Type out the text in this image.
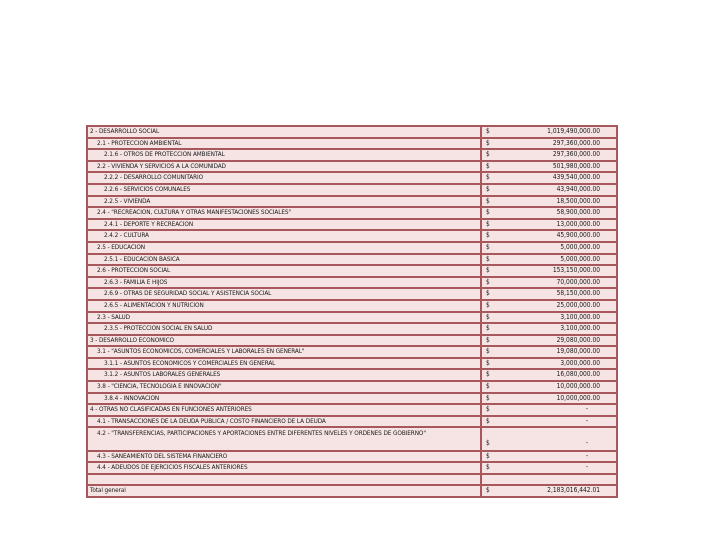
2 - DESARROLLO SOCIAL	$	1,019,490,000.00
2.1 - PROTECCION AMBIENTAL	$	297,360,000.00
2.1.6 - OTROS DE PROTECCION AMBIENTAL	$	297,360,000.00
2.2 - VIVIENDA Y SERVICIOS A LA COMUNIDAD	$	501,980,000.00
2.2.2 - DESARROLLO COMUNITARIO	$	439,540,000.00
2.2.6 - SERVICIOS COMUNALES	$	43,940,000.00
2.2.5 - VIVIENDA	$	18,500,000.00
2.4 - "RECREACION, CULTURA Y OTRAS MANIFESTACIONES SOCIALES"	$	58,900,000.00
2.4.1 - DEPORTE Y RECREACION	$	13,000,000.00
2.4.2 - CULTURA	$	45,900,000.00
2.5 - EDUCACION	$	5,000,000.00
2.5.1 - EDUCACION BASICA	$	5,000,000.00
2.6 - PROTECCION SOCIAL	$	153,150,000.00
2.6.3 - FAMILIA E HIJOS	$	70,000,000.00
2.6.9 - OTRAS DE SEGURIDAD SOCIAL Y ASISTENCIA SOCIAL	$	58,150,000.00
2.6.5 - ALIMENTACION Y NUTRICION	$	25,000,000.00
2.3 - SALUD	$	3,100,000.00
2.3.5 - PROTECCION SOCIAL EN SALUD	$	3,100,000.00
3 - DESARROLLO ECONOMICO	$	29,080,000.00
3.1 - "ASUNTOS ECONOMICOS, COMERCIALES Y LABORALES EN GENERAL"	$	19,080,000.00
3.1.1 - ASUNTOS ECONOMICOS Y COMERCIALES EN GENERAL	$	3,000,000.00
3.1.2 - ASUNTOS LABORALES GENERALES	$	16,080,000.00
3.8 - "CIENCIA, TECNOLOGIA E INNOVACION"	$	10,000,000.00
3.8.4 - INNOVACION	$	10,000,000.00
4 - OTRAS NO CLASIFICADAS EN FUNCIONES ANTERIORES	$	-
4.1 - TRANSACCIONES DE LA DEUDA PUBLICA / COSTO FINANCIERO DE LA DEUDA	$	-
4.2 - "TRANSFERENCIAS, PARTICIPACIONES Y APORTACIONES ENTRE DIFERENTES NIVELES Y ORDENES DE GOBIERNO"
$	-
4.3 - SANEAMIENTO DEL SISTEMA FINANCIERO	$	-
4.4 - ADEUDOS DE EJERCICIOS FISCALES ANTERIORES	$	-
Total general	$	2,183,016,442.01
